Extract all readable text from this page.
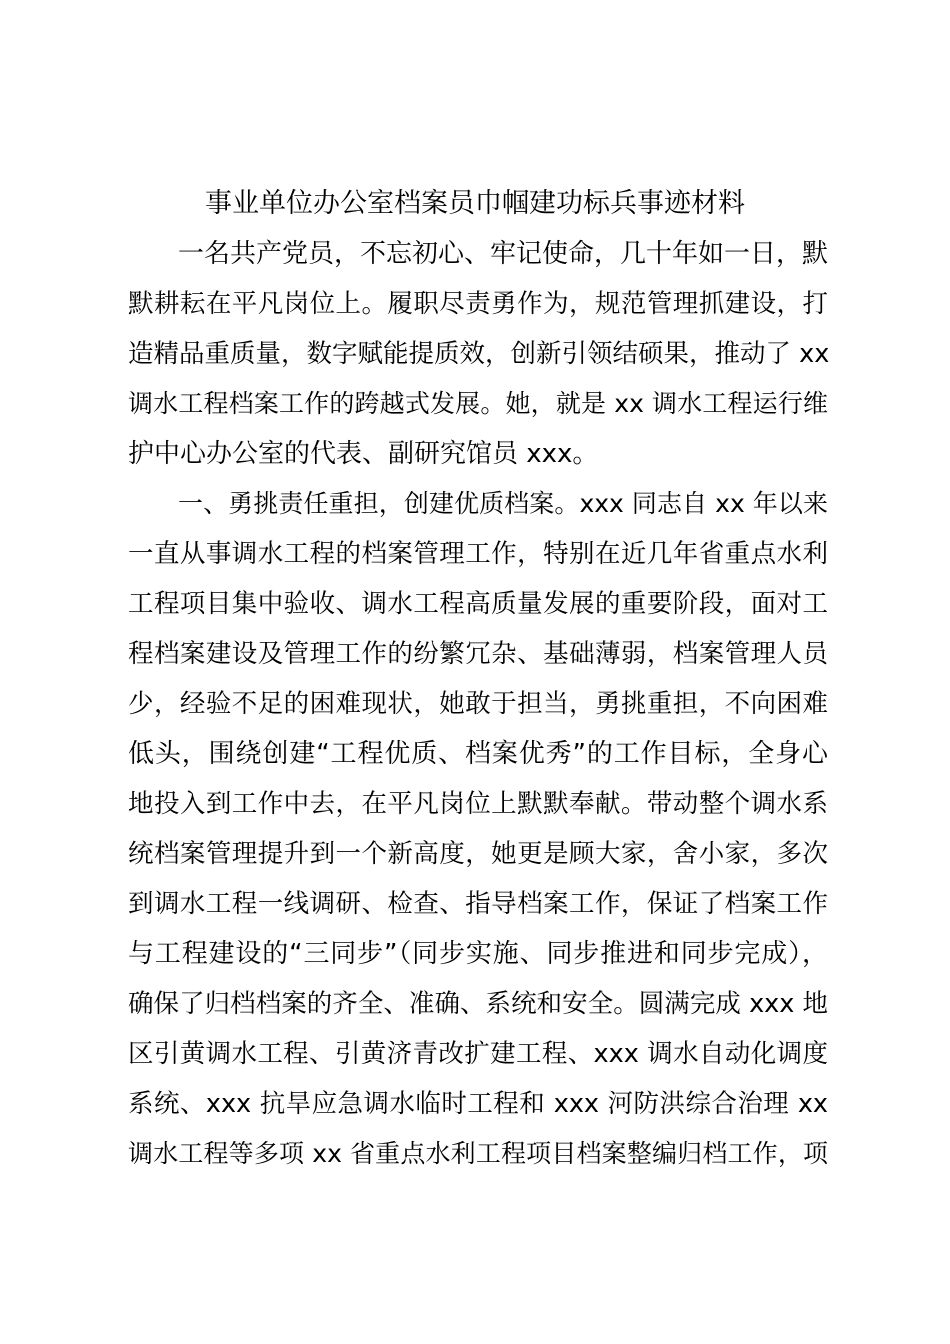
事业单位办公室档案员巾帼建功标兵事迹材料
一名共产党员，不忘初心、牢记使命，几十年如一日，默
默耕耘在平凡岗位上。履职尽责勇作为，规范管理抓建设，打
造精品重质量，数字赋能提质效，创新引领结硕果，推动了 xx
调水工程档案工作的跨越式发展。她，就是 xx 调水工程运行维
护中心办公室的代表、副研究馆员 xxx。
一、勇挑责任重担，创建优质档案。xxx 同志自 xx 年以来
一直从事调水工程的档案管理工作，特别在近几年省重点水利
工程项目集中验收、调水工程高质量发展的重要阶段，面对工
程档案建设及管理工作的纷繁冗杂、基础薄弱，档案管理人员
少，经验不足的困难现状，她敢于担当，勇挑重担，不向困难
低头，围绕创建“工程优质、档案优秀”的工作目标，全身心
地投入到工作中去，在平凡岗位上默默奉献。带动整个调水系
统档案管理提升到一个新高度，她更是顾大家，舍小家，多次
到调水工程一线调研、检查、指导档案工作，保证了档案工作
与工程建设的“三同步”（同步实施、同步推进和同步完成），
确保了归档档案的齐全、准确、系统和安全。圆满完成 xxx 地
区引黄调水工程、引黄济青改扩建工程、xxx 调水自动化调度
系统、xxx 抗旱应急调水临时工程和 xxx 河防洪综合治理 xx
调水工程等多项 xx 省重点水利工程项目档案整编归档工作，项
